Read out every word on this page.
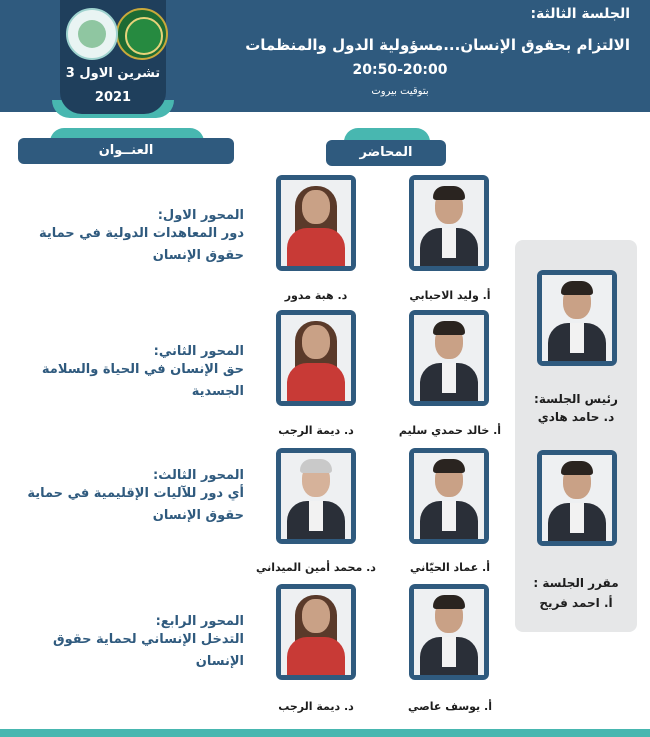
3 تشرين الاول
2021
الجلسة الثالثة:
الالتزام بحقوق الإنسان...مسؤولية الدول والمنظمات
20:50-20:00
بتوقيت بيروت
العنــوان	المحاضر
المحور الاول:
دور المعاهدات الدولية في حماية
حقوق الإنسان
أ. وليد الاحبابي
د. هبة مدور
المحور الثاني:
حق الإنسان في الحياة والسلامة
الجسدية
أ. خالد حمدي سليم
د. ديمة الرجب
المحور الثالث:
أي دور للآليات الإقليمية في حماية
حقوق الإنسان
أ. عماد الحيّاني
د. محمد أمين الميداني
المحور الرابع:
التدخل الإنساني لحماية حقوق الإنسان
أ. يوسف عاصي
د. ديمة الرجب
رئيس الجلسة:
د. حامد هادي
مقرر الجلسة :
أ. احمد فريح
